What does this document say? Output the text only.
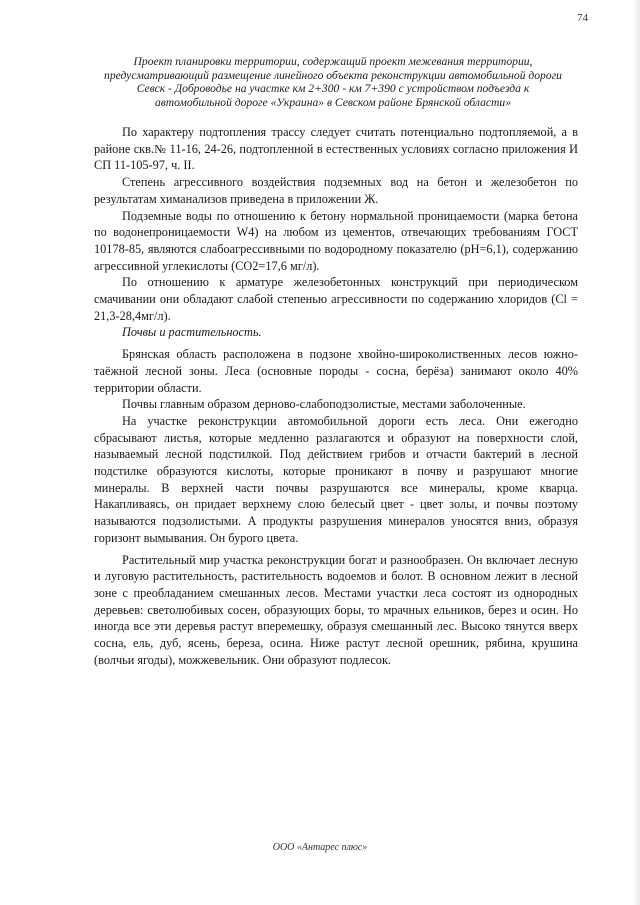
74
Проект планировки территории, содержащий проект межевания территории, предусматривающий размещение линейного объекта реконструкции автомобильной дороги Севск - Доброводье на участке км 2+300 - км 7+390 с устройством подъезда к автомобильной дороге «Украина» в Севском районе Брянской области»

По характеру подтопления трассу следует считать потенциально подтопляемой, а в районе скв.№ 11-16, 24-26, подтопленной в естественных условиях согласно приложения И СП 11-105-97, ч. II.

Степень агрессивного воздействия подземных вод на бетон и железобетон по результатам химанализов приведена в приложении Ж.

Подземные воды по отношению к бетону нормальной проницаемости (марка бетона по водонепроницаемости W4) на любом из цементов, отвечающих требованиям ГОСТ 10178-85, являются слабоагрессивными по водородному показателю (pH=6,1), содержанию агрессивной углекислоты (CO2=17,6 мг/л).

По отношению к арматуре железобетонных конструкций при периодическом смачивании они обладают слабой степенью агрессивности по содержанию хлоридов (Cl = 21,3-28,4мг/л).

Почвы и растительность.

Брянская область расположена в подзоне хвойно-широколиственных лесов южно-таёжной лесной зоны. Леса (основные породы - сосна, берёза) занимают около 40% территории области.

Почвы главным образом дерново-слабоподзолистые, местами заболоченные.

На участке реконструкции автомобильной дороги есть леса. Они ежегодно сбрасывают листья, которые медленно разлагаются и образуют на поверхности слой, называемый лесной подстилкой. Под действием грибов и отчасти бактерий в лесной подстилке образуются кислоты, которые проникают в почву и разрушают многие минералы. В верхней части почвы разрушаются все минералы, кроме кварца. Накапливаясь, он придает верхнему слою белесый цвет - цвет золы, и почвы поэтому называются подзолистыми. А продукты разрушения минералов уносятся вниз, образуя горизонт вымывания. Он бурого цвета.

Растительный мир участка реконструкции богат и разнообразен. Он включает лесную и луговую растительность, растительность водоемов и болот. В основном лежит в лесной зоне с преобладанием смешанных лесов. Местами участки леса состоят из однородных деревьев: светолюбивых сосен, образующих боры, то мрачных ельников, берез и осин. Но иногда все эти деревья растут вперемешку, образуя смешанный лес. Высоко тянутся вверх сосна, ель, дуб, ясень, береза, осина. Ниже растут лесной орешник, рябина, крушина (волчьи ягоды), можжевельник. Они образуют подлесок.

ООО «Антарес плюс»
